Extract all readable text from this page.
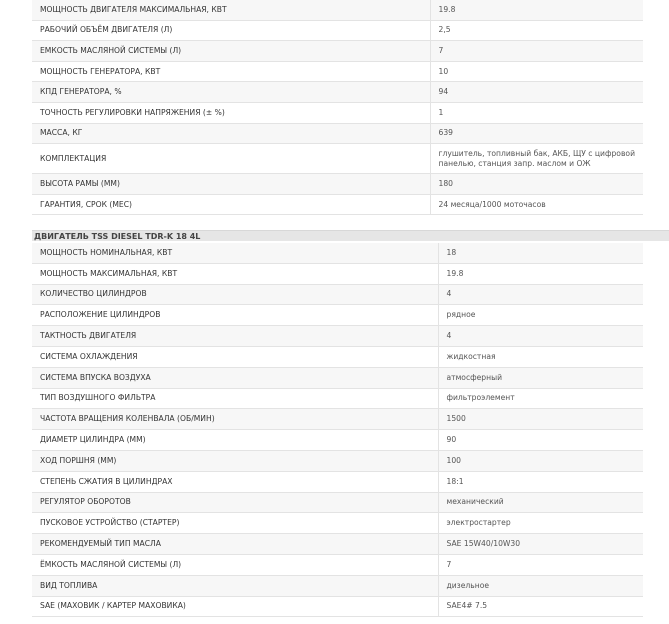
МОЩНОСТЬ ДВИГАТЕЛЯ МАКСИМАЛЬНАЯ, КВТ	19.8
РАБОЧИЙ ОБЪЁМ ДВИГАТЕЛЯ (Л)	2,5
ЕМКОСТЬ МАСЛЯНОЙ СИСТЕМЫ (Л)	7
МОЩНОСТЬ ГЕНЕРАТОРА, КВТ	10
КПД ГЕНЕРАТОРА, %	94
ТОЧНОСТЬ РЕГУЛИРОВКИ НАПРЯЖЕНИЯ (± %)	1
МАССА, КГ	639
КОМПЛЕКТАЦИЯ	глушитель, топливный бак, АКБ, ЩУ с цифровой панелью, станция запр. маслом и ОЖ
ВЫСОТА РАМЫ (ММ)	180
ГАРАНТИЯ, СРОК (МЕС)	24 месяца/1000 моточасов
ДВИГАТЕЛЬ TSS DIESEL TDR-K 18 4L
МОЩНОСТЬ НОМИНАЛЬНАЯ, КВТ	18
МОЩНОСТЬ МАКСИМАЛЬНАЯ, КВТ	19.8
КОЛИЧЕСТВО ЦИЛИНДРОВ	4
РАСПОЛОЖЕНИЕ ЦИЛИНДРОВ	рядное
ТАКТНОСТЬ ДВИГАТЕЛЯ	4
СИСТЕМА ОХЛАЖДЕНИЯ	жидкостная
СИСТЕМА ВПУСКА ВОЗДУХА	атмосферный
ТИП ВОЗДУШНОГО ФИЛЬТРА	фильтроэлемент
ЧАСТОТА ВРАЩЕНИЯ КОЛЕНВАЛА (ОБ/МИН)	1500
ДИАМЕТР ЦИЛИНДРА (ММ)	90
ХОД ПОРШНЯ (ММ)	100
СТЕПЕНЬ СЖАТИЯ В ЦИЛИНДРАХ	18:1
РЕГУЛЯТОР ОБОРОТОВ	механический
ПУСКОВОЕ УСТРОЙСТВО (СТАРТЕР)	электростартер
РЕКОМЕНДУЕМЫЙ ТИП МАСЛА	SAE 15W40/10W30
ЁМКОСТЬ МАСЛЯНОЙ СИСТЕМЫ (Л)	7
ВИД ТОПЛИВА	дизельное
SAE (МАХОВИК / КАРТЕР МАХОВИКА)	SAE4# 7.5
